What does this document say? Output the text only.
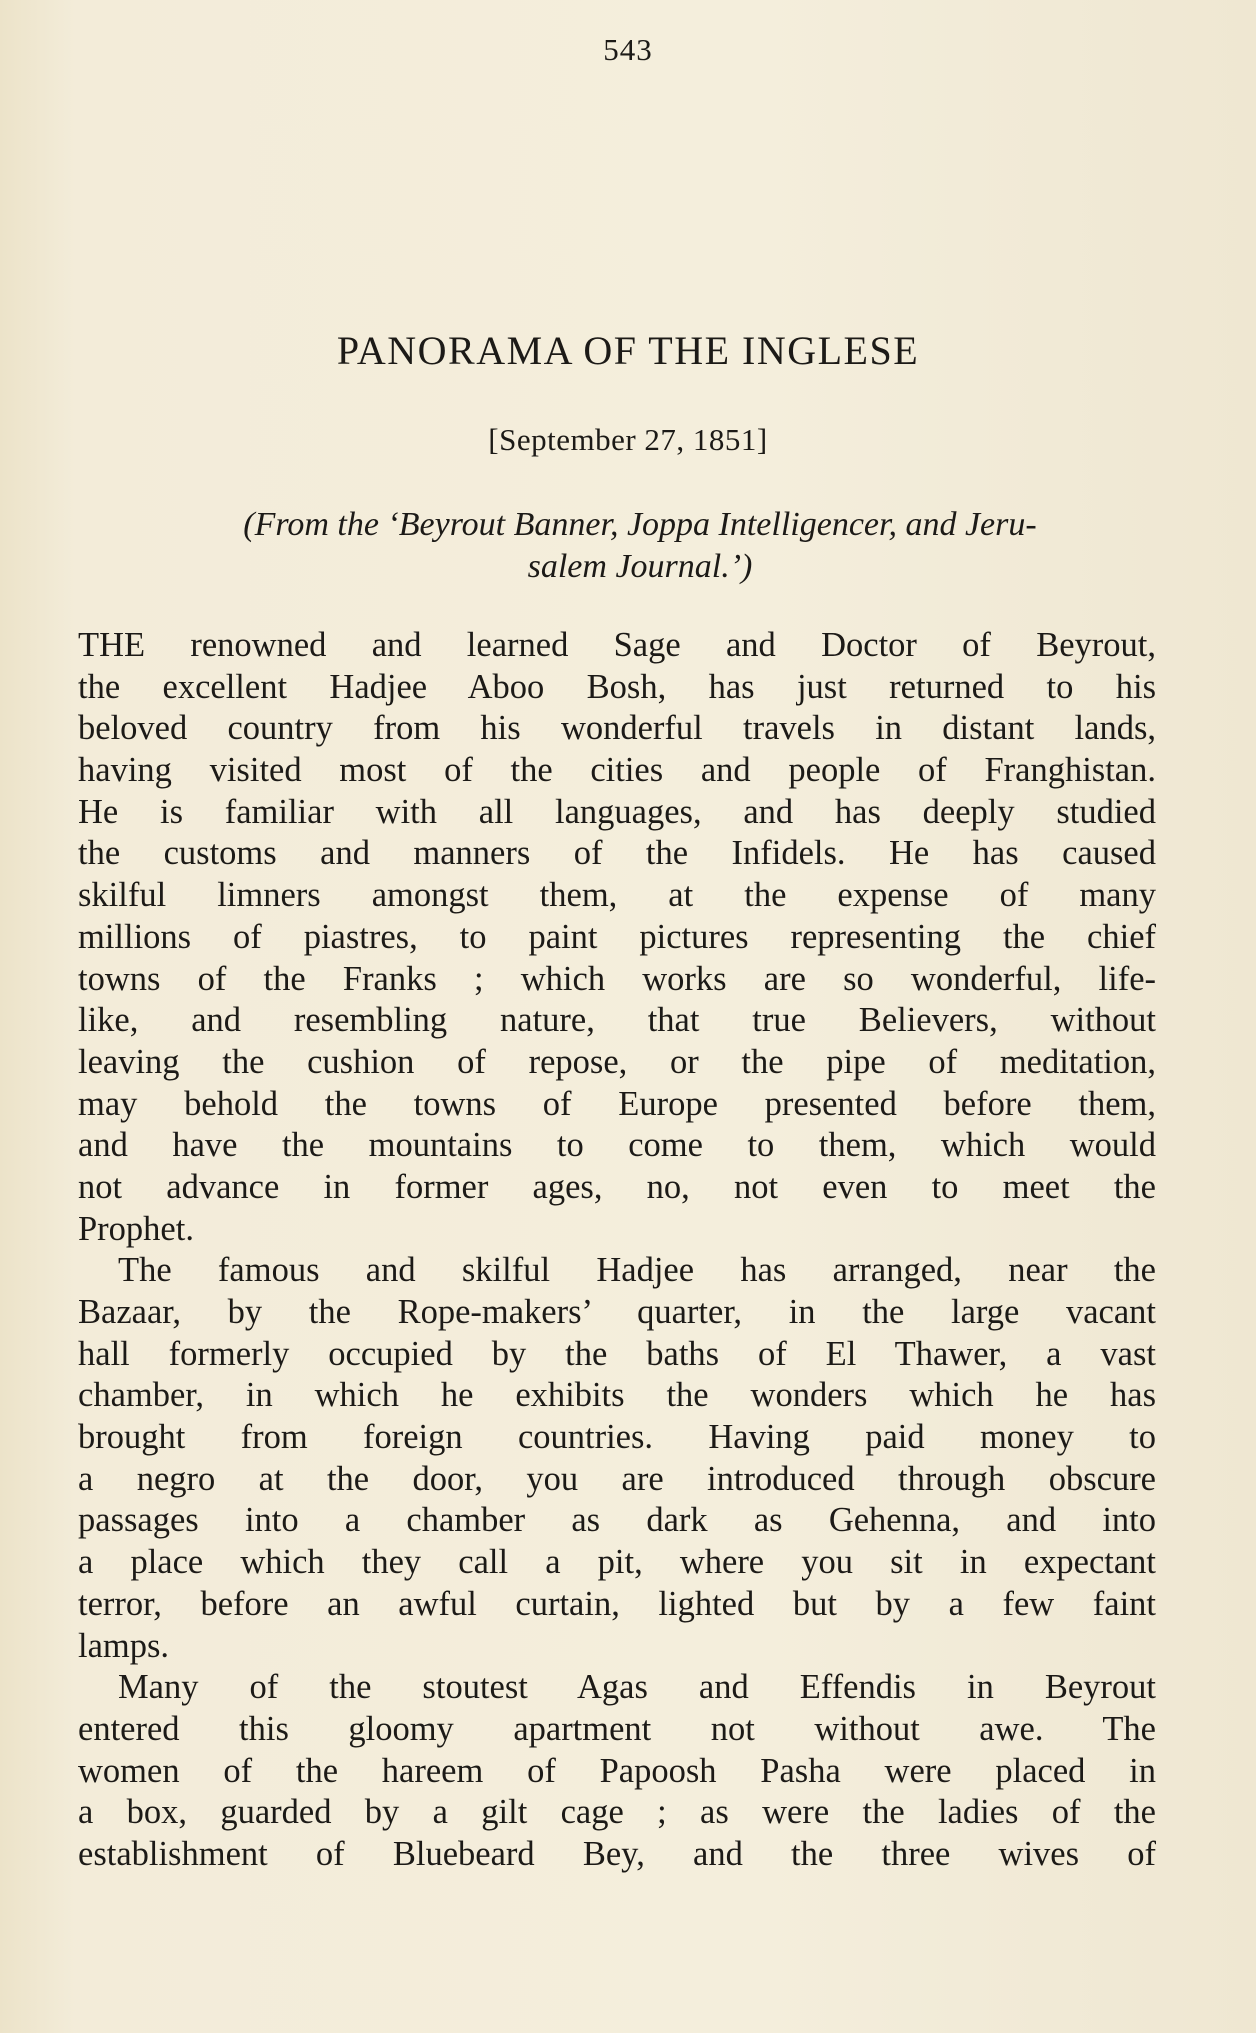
543
PANORAMA OF THE INGLESE
[September 27, 1851]
(From the ‘Beyrout Banner, Joppa Intelligencer, and Jeru-
salem Journal.’)
THE renowned and learned Sage and Doctor of Beyrout,
the excellent Hadjee Aboo Bosh, has just returned to his
beloved country from his wonderful travels in distant lands,
having visited most of the cities and people of Franghistan.
He is familiar with all languages, and has deeply studied
the customs and manners of the Infidels. He has caused
skilful limners amongst them, at the expense of many
millions of piastres, to paint pictures representing the chief
towns of the Franks ; which works are so wonderful, life-
like, and resembling nature, that true Believers, without
leaving the cushion of repose, or the pipe of meditation,
may behold the towns of Europe presented before them,
and have the mountains to come to them, which would
not advance in former ages, no, not even to meet the
Prophet.
The famous and skilful Hadjee has arranged, near the
Bazaar, by the Rope-makers’ quarter, in the large vacant
hall formerly occupied by the baths of El Thawer, a vast
chamber, in which he exhibits the wonders which he has
brought from foreign countries. Having paid money to
a negro at the door, you are introduced through obscure
passages into a chamber as dark as Gehenna, and into
a place which they call a pit, where you sit in expectant
terror, before an awful curtain, lighted but by a few faint
lamps.
Many of the stoutest Agas and Effendis in Beyrout
entered this gloomy apartment not without awe. The
women of the hareem of Papoosh Pasha were placed in
a box, guarded by a gilt cage ; as were the ladies of the
establishment of Bluebeard Bey, and the three wives of
